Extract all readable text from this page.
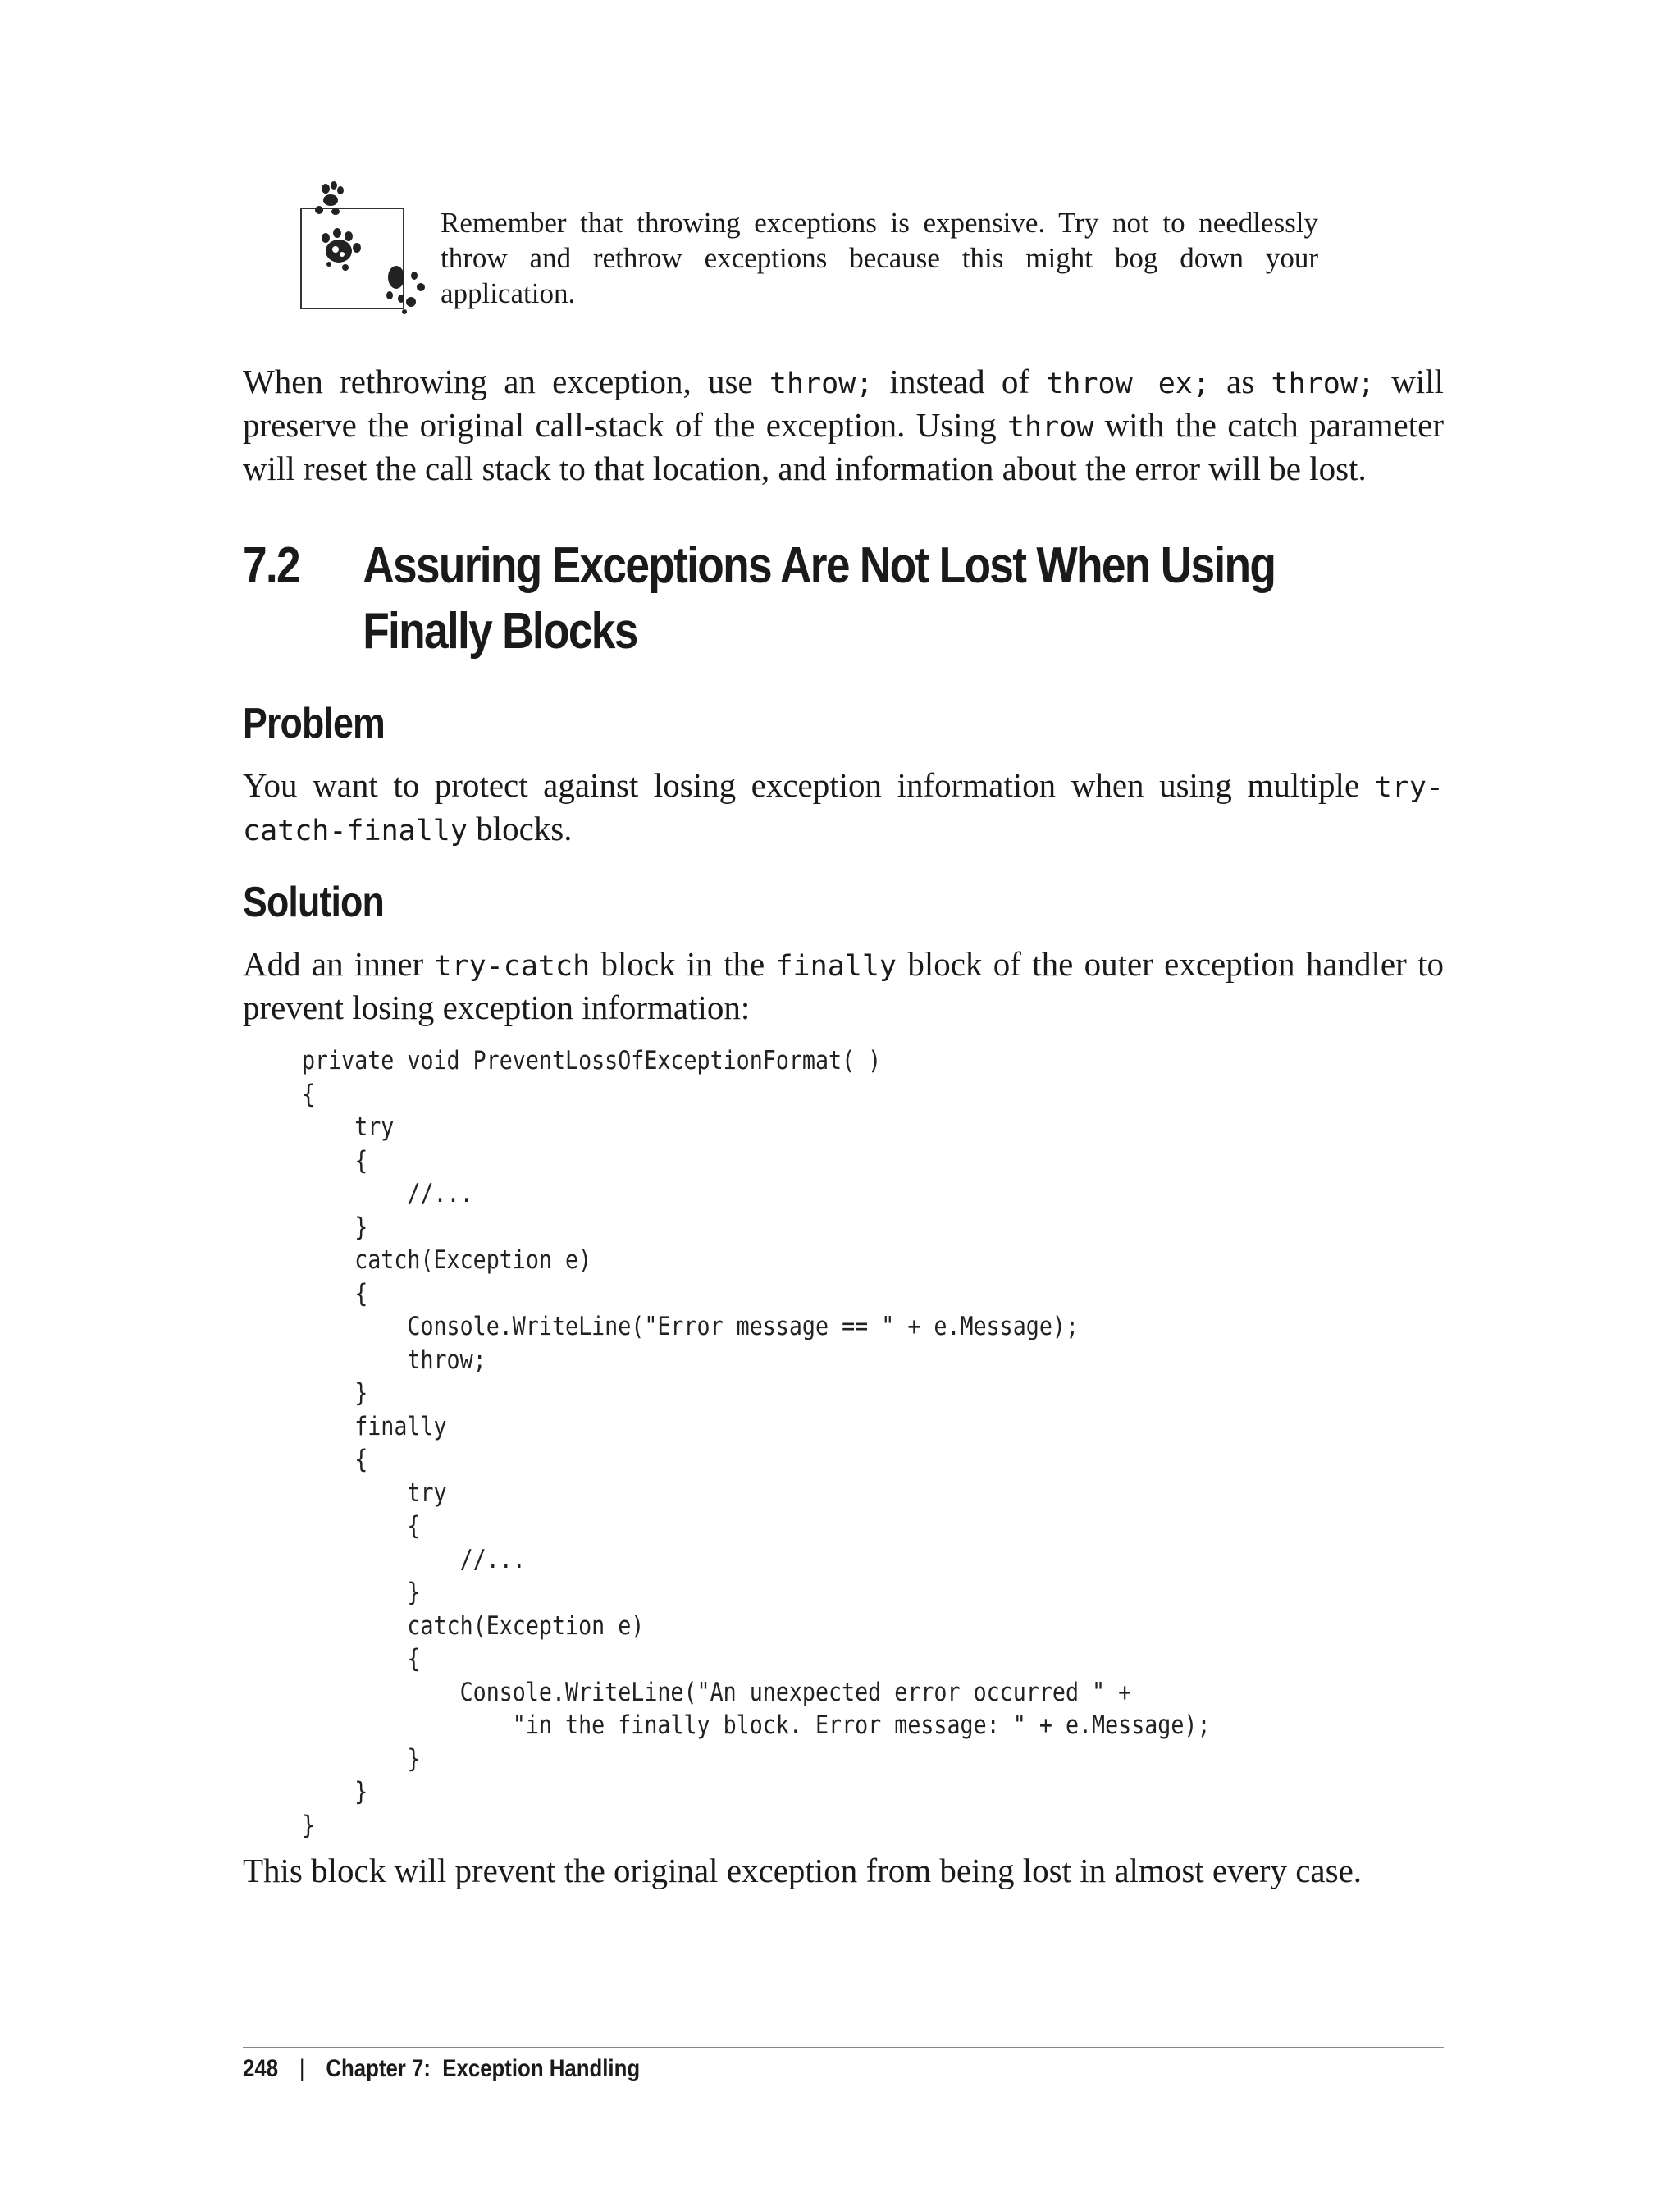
Remember that throwing exceptions is expensive. Try not to needlessly throw and rethrow exceptions because this might bog down your application.

When rethrowing an exception, use throw; instead of throw ex; as throw; will preserve the original call-stack of the exception. Using throw with the catch parameter will reset the call stack to that location, and information about the error will be lost.

7.2 Assuring Exceptions Are Not Lost When Using
Finally Blocks
Problem

You want to protect against losing exception information when using multiple try-catch-finally blocks.

Solution

Add an inner try-catch block in the finally block of the outer exception handler to prevent losing exception information:

private void PreventLossOfExceptionFormat( )
{
try
{
//...
}
catch(Exception e)
{
Console.WriteLine("Error message == " + e.Message);
throw;
}
finally
{
try
{
//...
}
catch(Exception e)
{
Console.WriteLine("An unexpected error occurred " +
"in the finally block. Error message: " + e.Message);
}
}
}

This block will prevent the original exception from being lost in almost every case.

248 | Chapter 7:  Exception Handling
